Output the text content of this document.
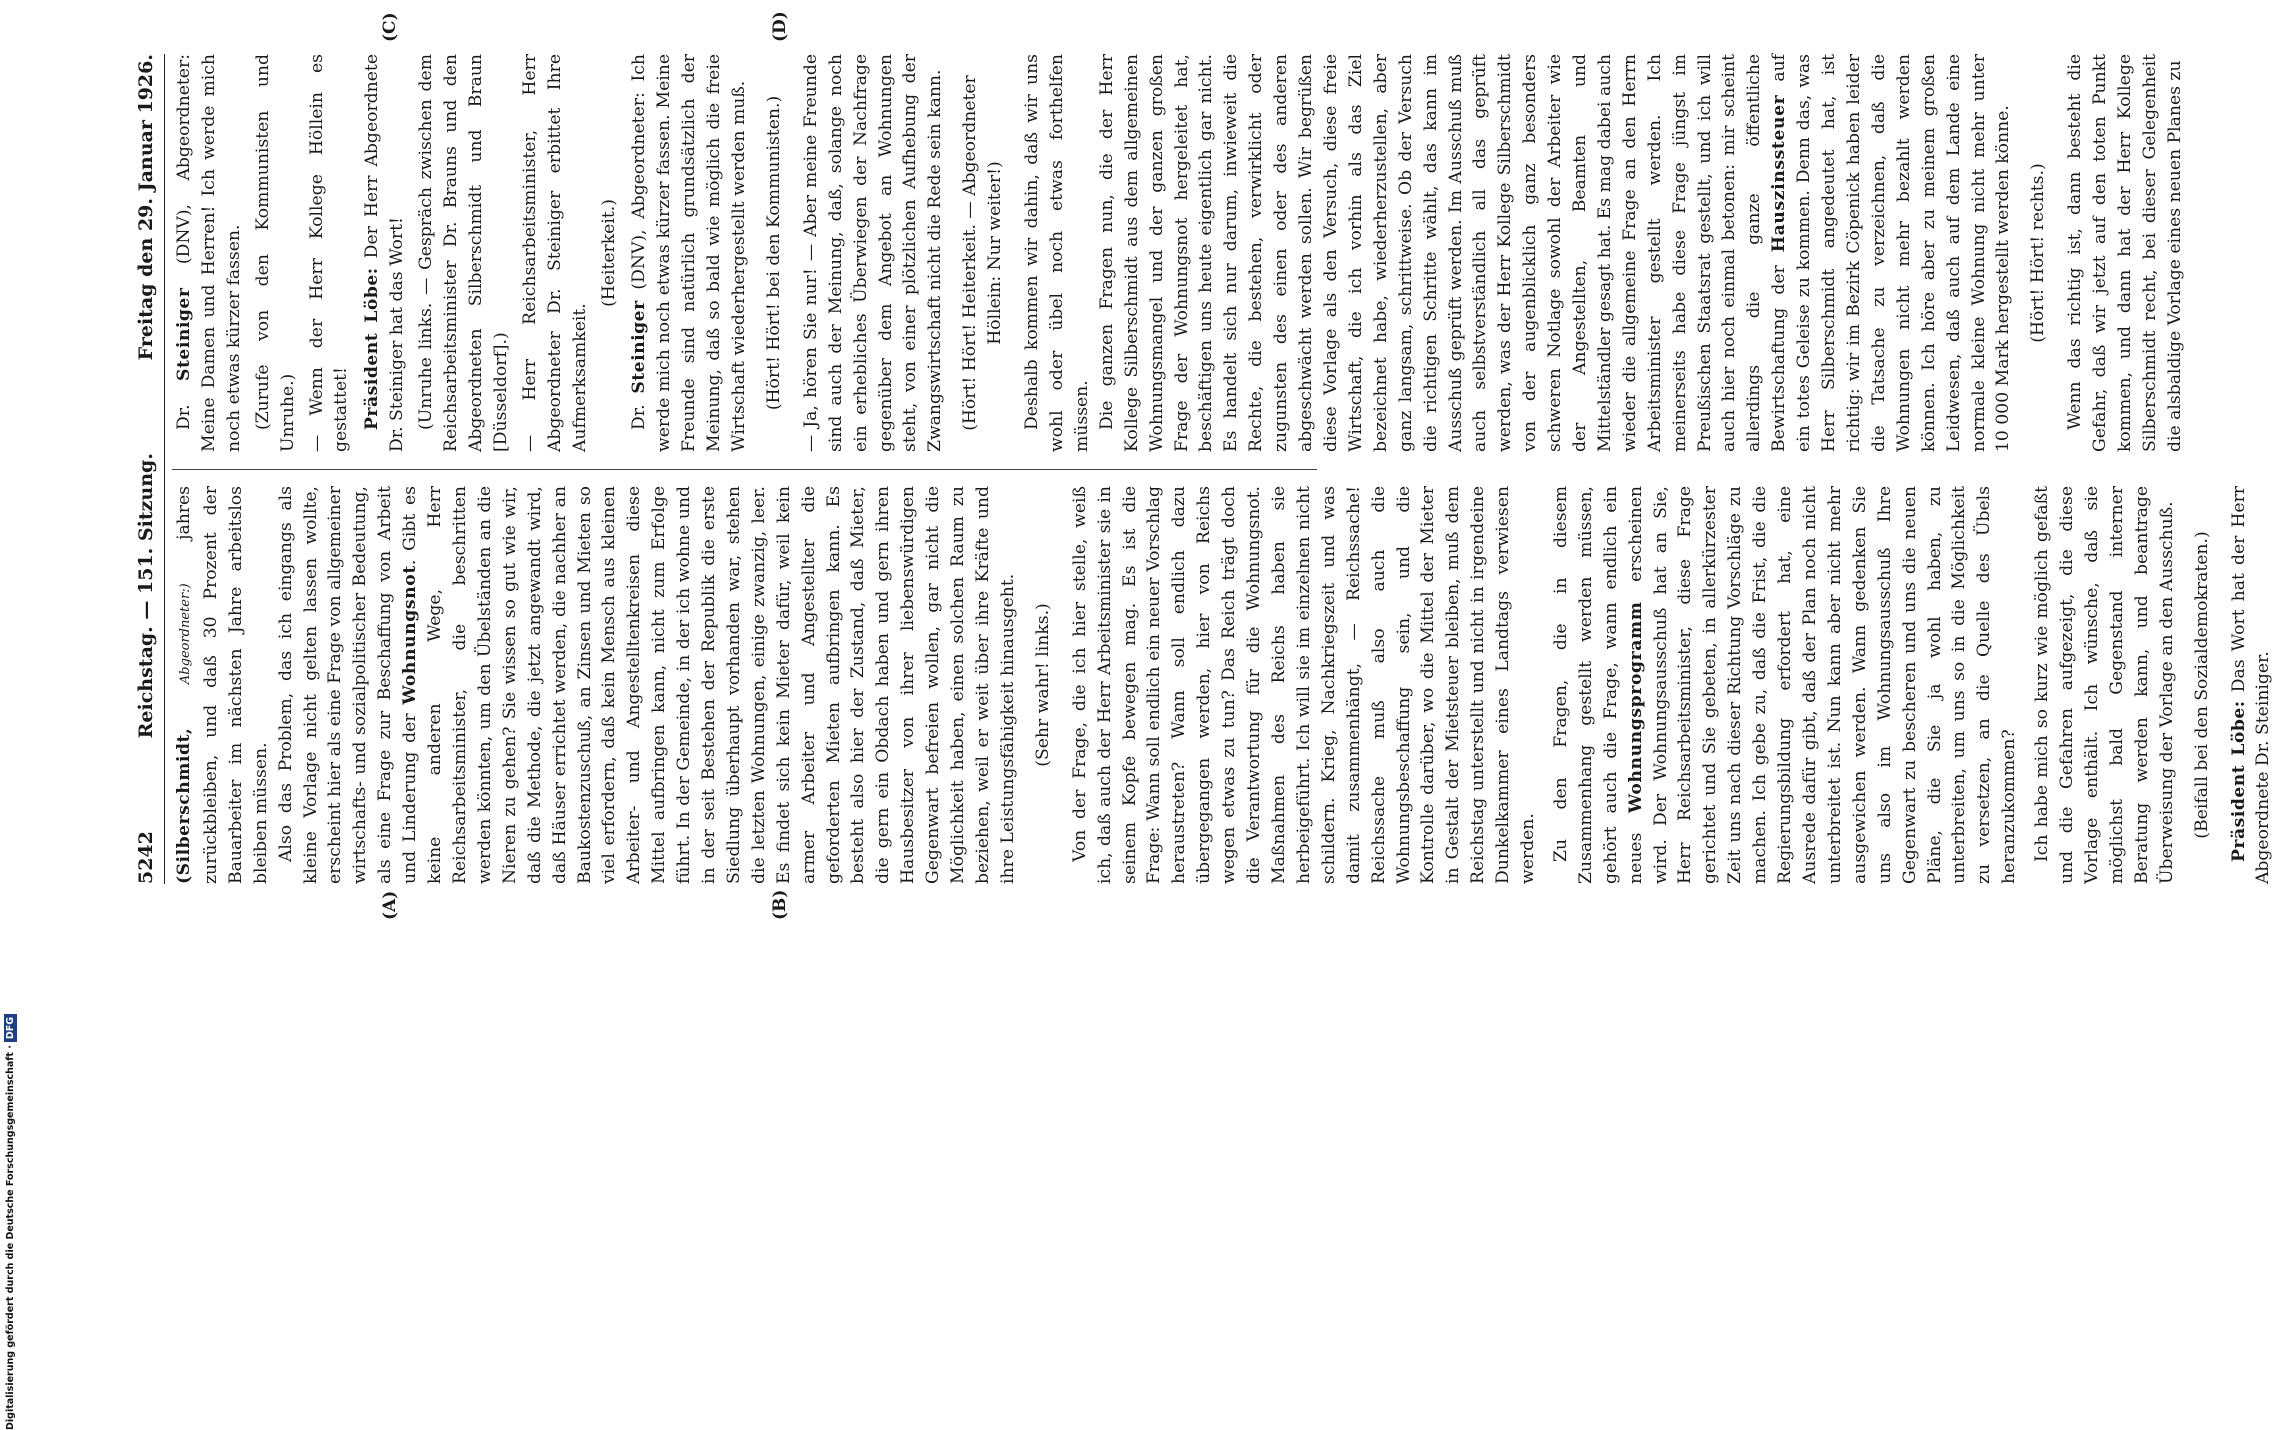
5242
Reichstag. — 151. Sitzung.
Freitag den 29. Januar 1926.

(Silberschmidt, Abgeordneter:) jahres zurückbleiben, und daß 30 Prozent der Bauarbeiter im nächsten Jahre arbeitslos bleiben müssen. Also das Problem, das ich eingangs als kleine Vorlage nicht gelten lassen wollte, erscheint hier als eine Frage von allgemeiner wirtschafts- und sozialpolitischer Bedeutung, als eine Frage zur Beschaffung von Arbeit und Linderung der Wohnungsnot. Gibt es keine anderen Wege, Herr Reichsarbeitsminister, die beschritten werden könnten, um den Übelständen an die Nieren zu gehen? Sie wissen so gut wie wir, daß die Methode, die jetzt angewandt wird, daß Häuser errichtet werden, die nachher an Baukostenzuschuß, an Zinsen und Mieten so viel erfordern, daß kein Mensch aus kleinen Arbeiter- und Angestelltenkreisen diese Mittel aufbringen kann, nicht zum Erfolge führt. In der Gemeinde, in der ich wohne und in der seit Bestehen der Republik die erste Siedlung überhaupt vorhanden war, stehen die letzten Wohnungen, einige zwanzig, leer. Es findet sich kein Mieter dafür, weil kein armer Arbeiter und Angestellter die geforderten Mieten aufbringen kann. Es besteht also hier der Zustand, daß Mieter, die gern ein Obdach haben und gern ihren Hausbesitzer von ihrer liebenswürdigen Gegenwart befreien wollen, gar nicht die Möglichkeit haben, einen solchen Raum zu beziehen, weil er weit über ihre Kräfte und ihre Leistungsfähigkeit hinausgeht. (Sehr wahr! links.) Von der Frage, die ich hier stelle, weiß ich, daß auch der Herr Arbeitsminister sie in seinem Kopfe bewegen mag. Es ist die Frage: Wann soll endlich ein neuer Vorschlag heraustreten? Wann soll endlich dazu übergegangen werden, hier von Reichs wegen etwas zu tun? Das Reich trägt doch die Verantwortung für die Wohnungsnot. Maßnahmen des Reichs haben sie herbeigeführt. Ich will sie im einzelnen nicht schildern. Krieg, Nachkriegszeit und was damit zusammenhängt, — Reichssache! Reichssache muß also auch die Wohnungsbeschaffung sein, und die Kontrolle darüber, wo die Mittel der Mieter in Gestalt der Mietsteuer bleiben, muß dem Reichstag unterstellt und nicht in irgendeine Dunkelkammer eines Landtags verwiesen werden. Zu den Fragen, die in diesem Zusammenhang gestellt werden müssen, gehört auch die Frage, wann endlich ein neues Wohnungsprogramm erscheinen wird. Der Wohnungsausschuß hat an Sie, Herr Reichsarbeitsminister, diese Frage gerichtet und Sie gebeten, in allerkürzester Zeit uns nach dieser Richtung Vorschläge zu machen. Ich gebe zu, daß die Frist, die die Regierungsbildung erfordert hat, eine Ausrede dafür gibt, daß der Plan noch nicht unterbreitet ist. Nun kann aber nicht mehr ausgewichen werden. Wann gedenken Sie uns also im Wohnungsausschuß Ihre Gegenwart zu bescheren und uns die neuen Pläne, die Sie ja wohl haben, zu unterbreiten, um uns so in die Möglichkeit zu versetzen, an die Quelle des Übels heranzukommen? Ich habe mich so kurz wie möglich gefaßt und die Gefahren aufgezeigt, die diese Vorlage enthält. Ich wünsche, daß sie möglichst bald Gegenstand interner Beratung werden kann, und beantrage Überweisung der Vorlage an den Ausschuß. (Beifall bei den Sozialdemokraten.) Präsident Löbe: Das Wort hat der Herr Abgeordnete Dr. Steiniger.

Dr. Steiniger (DNV), Abgeordneter: Meine Damen und Herren! Ich werde mich noch etwas kürzer fassen. (Zurufe von den Kommunisten und Unruhe.) — Wenn der Herr Kollege Höllein es gestattet! Präsident Löbe: Der Herr Abgeordnete Dr. Steiniger hat das Wort! (Unruhe links. — Gespräch zwischen dem Reichsarbeitsminister Dr. Brauns und den Abgeordneten Silberschmidt und Braun [Düsseldorf].) — Herr Reichsarbeitsminister, Herr Abgeordneter Dr. Steiniger erbittet Ihre Aufmerksamkeit.

(Heiterkeit.)

Dr. Steiniger (DNV), Abgeordneter: Ich werde mich noch etwas kürzer fassen. Meine Freunde sind natürlich grundsätzlich der Meinung, daß so bald wie möglich die freie Wirtschaft wiederhergestellt werden muß. (Hört! Hört! bei den Kommunisten.) — Ja, hören Sie nur! — Aber meine Freunde sind auch der Meinung, daß, solange noch ein erhebliches Überwiegen der Nachfrage gegenüber dem Angebot an Wohnungen steht, von einer plötzlichen Aufhebung der Zwangswirtschaft nicht die Rede sein kann. (Hört! Hört! Heiterkeit. — Abgeordneter Höllein: Nur weiter!) Deshalb kommen wir dahin, daß wir uns wohl oder übel noch etwas forthelfen müssen. Die ganzen Fragen nun, die der Herr Kollege Silberschmidt aus dem allgemeinen Wohnungsmangel und der ganzen großen Frage der Wohnungsnot hergeleitet hat, beschäftigen uns heute eigentlich gar nicht. Es handelt sich nur darum, inwieweit die Rechte, die bestehen, verwirklicht oder zugunsten des einen oder des anderen abgeschwächt werden sollen. Wir begrüßen diese Vorlage als den Versuch, diese freie Wirtschaft, die ich vorhin als das Ziel bezeichnet habe, wiederherzustellen, aber ganz langsam, schrittweise. Ob der Versuch die richtigen Schritte wählt, das kann im Ausschuß geprüft werden. Im Ausschuß muß auch selbstverständlich all das geprüft werden, was der Herr Kollege Silberschmidt von der augenblicklich ganz besonders schweren Notlage sowohl der Arbeiter wie der Angestellten, Beamten und Mittelständler gesagt hat. Es mag dabei auch wieder die allgemeine Frage an den Herrn Arbeitsminister gestellt werden. Ich meinerseits habe diese Frage jüngst im Preußischen Staatsrat gestellt, und ich will auch hier noch einmal betonen: mir scheint allerdings die ganze öffentliche Bewirtschaftung der Hauszinssteuer auf ein totes Geleise zu kommen. Denn das, was Herr Silberschmidt angedeutet hat, ist richtig: wir im Bezirk Cöpenick haben leider die Tatsache zu verzeichnen, daß die Wohnungen nicht mehr bezahlt werden können. Ich höre aber zu meinem großen Leidwesen, daß auch auf dem Lande eine normale kleine Wohnung nicht mehr unter 10 000 Mark hergestellt werden könne. (Hört! Hört! rechts.) Wenn das richtig ist, dann besteht die Gefahr, daß wir jetzt auf den toten Punkt kommen, und dann hat der Herr Kollege Silberschmidt recht, bei dieser Gelegenheit die alsbaldige Vorlage eines neuen Planes zu

(A)	(B)
(C)	(D)
Digitalisierung gefördert durch die Deutsche Forschungsgemeinschaft ·DFG
